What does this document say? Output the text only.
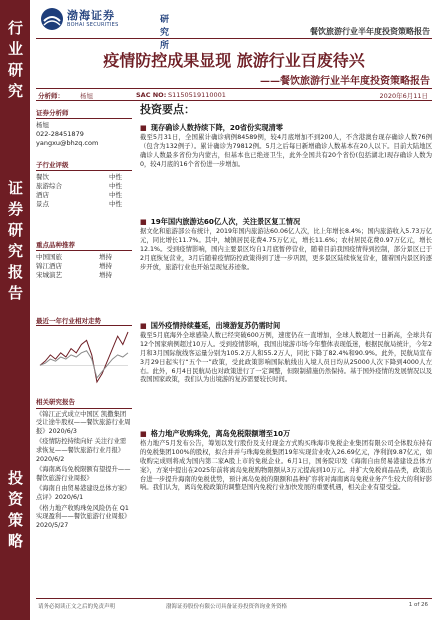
行业研究
证券研究报告
投资策略
渤海证券
BOHAI SECURITIES	研究所
餐饮旅游行业半年度投资策略报告
疫情防控成果显现 旅游行业百废待兴
——餐饮旅游行业半年度投资策略报告
分析师： 杨旭	SAC NO: S1150519110001	2020年6月11日
证券分析师
杨旭
022-28451879
yangxu@bhzq.com
子行业评级
餐饮	中性
旅游综合	中性
酒店	中性
景点	中性
重点品种推荐
中国国旅	增持
锦江酒店	增持
宋城演艺	增持
最近一年行业相对走势
相关研究报告
《锦江正式成立中国区 凯撒集团受让途牛股权——餐饮旅游行业周报》2020/6/3
《疫情防控持续向好 关注行业需求恢复——餐饮旅游行业月报》2020/6/2
《海南离岛免税限额有望提升——餐饮旅游行业周报》
《海南自由贸易港建设总体方案》点评》2020/6/1
《格力地产收购珠免风险仍在 Q1 实现盈利——餐饮旅游行业周报》2020/5/27
投资要点：
■ 现存确诊人数持续下降，20省份实现清零
截至5月31日，全国累计确诊病例84589例，较4月底增加不到200人，不含港澳台现存确诊人数76例（包含为132例子）。累计确诊为79812例。5月之后每日新增确诊人数基本在20人以下。目前大陆地区确诊人数最多省份为内蒙古，但基本也已绝迹卫生，此外全国共有20个省份(包括湖北)现存确诊人数为0，较4月底的16个省份进一步增加。
■ 19年国内旅游达60亿人次，关注景区复工情况
据文化和旅游部公布统计，2019年国内旅游达60.06亿人次，比上年增长8.4%；国内旅游收入5.73万亿元，同比增长11.7%。其中，城镇居民花费4.75万亿元，增长11.6%；农村居民花费0.97万亿元，增长12.1%。受到疫情影响，国内主要景区均自1月底暂停营业，随着目前我国疫情得到控制，部分景区已于2月底恢复营业，3月后随着疫情防控政策得到了进一步巩固，更多景区陆续恢复营业，随着国内景区的逐步开放，旅游行业也开始呈现复苏迹象。
■ 国外疫情持续蔓延，出境游复苏仍需时间
截至5月底海外全球感染人数已经突破600万例，速度仍在一直增加，全球人数超过一日新高，全球共有12个国家病例超过10万人。受到疫情影响，我国出境游市场今年整体表现低迷，根据民航局统计，今年2月和3月国际航线客运量分别为105.2万人和55.2万人，同比下降了82.4%和90.9%。此外，民航局宣布3月29日起实行“五个一”政策，受此政策影响国际航线出入境人员日均从25000人次下降到4000人左右。此外，6月4日民航局也对政策进行了一定调整，但限制措施仍然保持。基于国外疫情的发展情况以及我国国家政策，我们认为出境游的复苏需要较长时间。
■ 格力地产收购珠免，离岛免税限额增至10万
格力地产5月发布公告，筹划以发行股份及支付现金方式购买珠海市免税企业集团有限公司全体股东持有的免税集团100%的股权，拟合并并与珠海免税集团19年实现营业收入26.69亿元，净利润9.87亿元，如收购完成则将成为国内第二家A股上市的免税企业。6月1日，国务院印发《海南自由贸易港建设总体方案》，方案中提出在2025年前将离岛免税购物限额从3万元提高到10万元。并扩大免税商品品类，政策出台进一步提升海南的免税优势，预计离岛免税的限额和品种扩容将对海南离岛免税业务产生较大的利好影响。我们认为，离岛免税政策的调整是国内免税行业加快发展的重要机遇，相关企业有望受益。
请务必阅读正文之后的免责声明	渤海证券股份有限公司具备证券投资咨询业务资格	1 of 26
